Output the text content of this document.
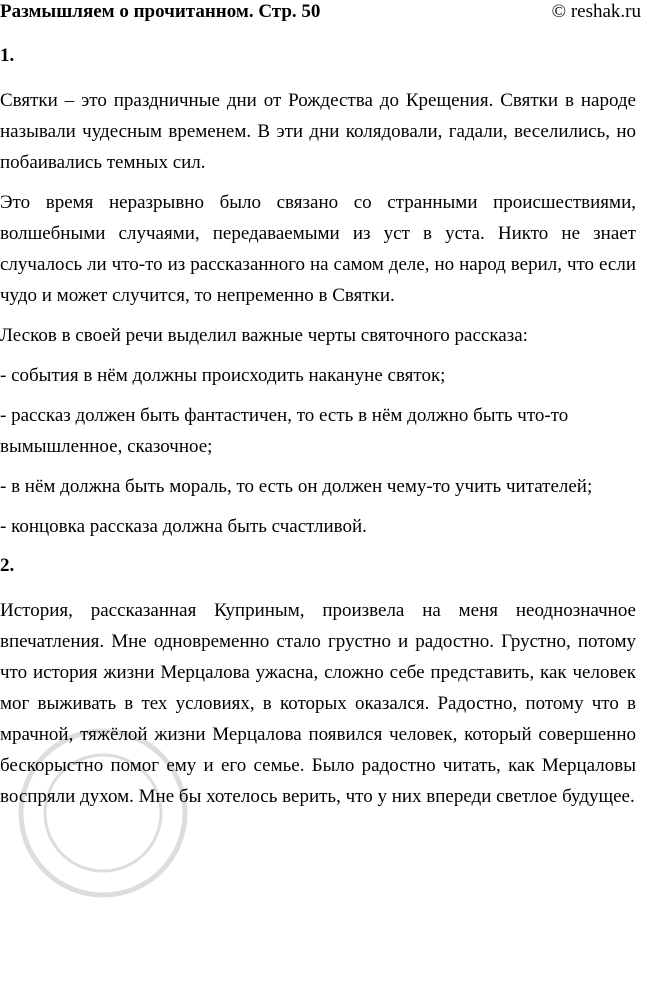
Размышляем о прочитанном. Стр. 50	© reshak.ru
1.

Святки – это праздничные дни от Рождества до Крещения. Святки в народе называли чудесным временем. В эти дни колядовали, гадали, веселились, но побаивались темных сил.

Это время неразрывно было связано со странными происшествиями, волшебными случаями, передаваемыми из уст в уста. Никто не знает случалось ли что-то из рассказанного на самом деле, но народ верил, что если чудо и может случится, то непременно в Святки.

Лесков в своей речи выделил важные черты святочного рассказа:

- события в нём должны происходить накануне святок;

- рассказ должен быть фантастичен, то есть в нём должно быть что-то вымышленное, сказочное;

- в нём должна быть мораль, то есть он должен чему-то учить читателей;

- концовка рассказа должна быть счастливой.

2.

История, рассказанная Куприным, произвела на меня неоднозначное впечатления. Мне одновременно стало грустно и радостно. Грустно, потому что история жизни Мерцалова ужасна, сложно себе представить, как человек мог выживать в тех условиях, в которых оказался. Радостно, потому что в мрачной, тяжёлой жизни Мерцалова появился человек, который совершенно бескорыстно помог ему и его семье. Было радостно читать, как Мерцаловы воспряли духом. Мне бы хотелось верить, что у них впереди светлое будущее.
